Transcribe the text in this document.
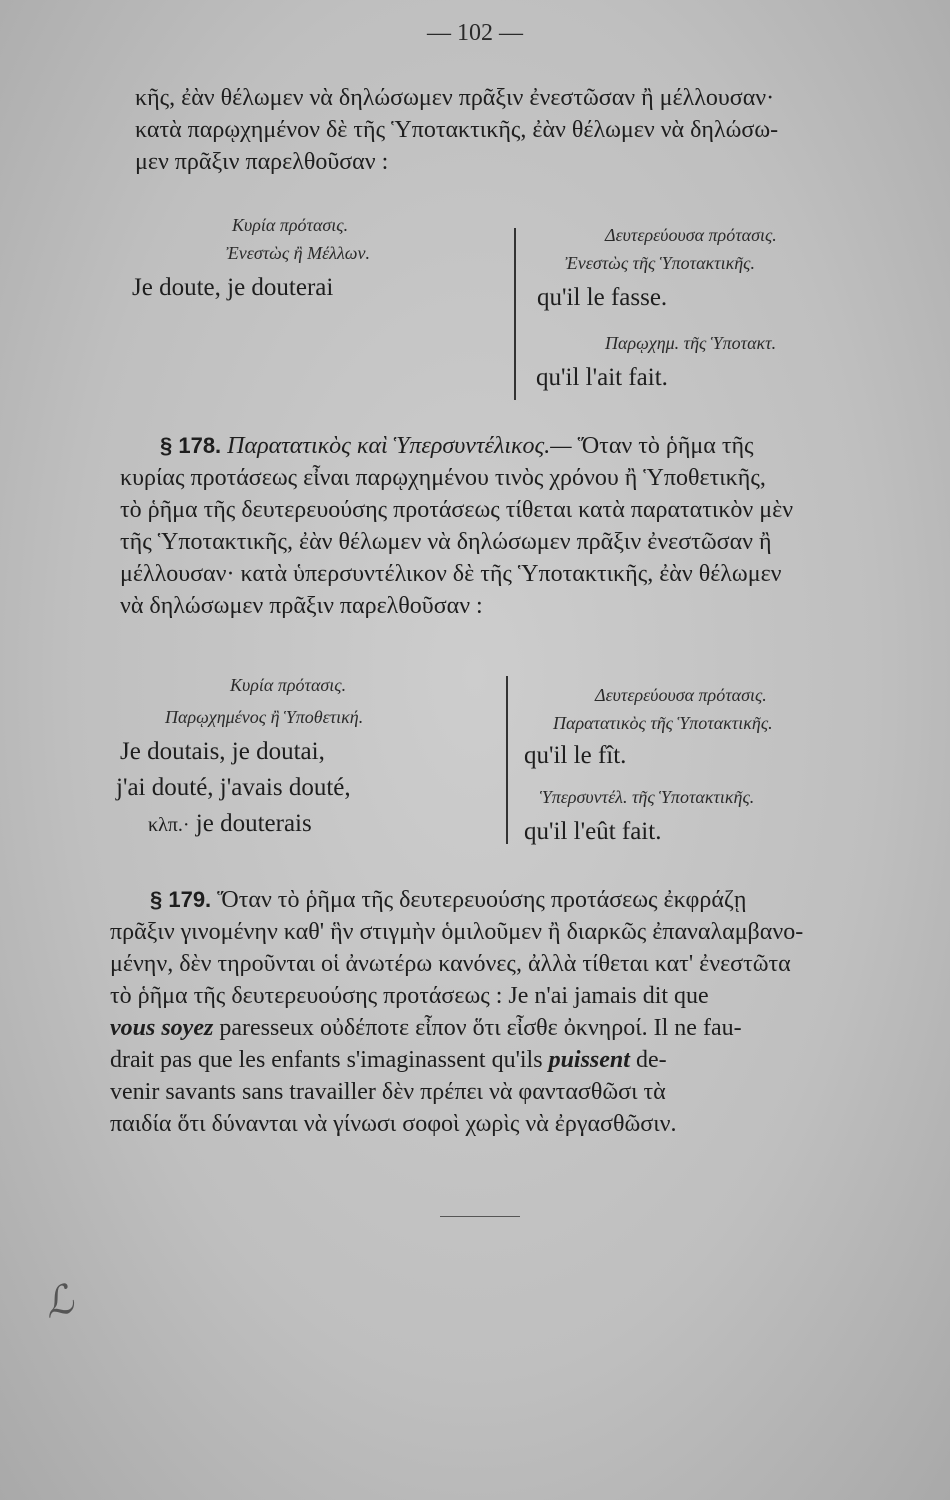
— 102 —
κῆς, ἐὰν θέλωμεν νὰ δηλώσωμεν πρᾶξιν ἐνεστῶσαν ἢ μέλλουσαν·
κατὰ παρῳχημένον δὲ τῆς Ὑποτακτικῆς, ἐὰν θέλωμεν νὰ δηλώσω-
μεν πρᾶξιν παρελθοῦσαν :
Κυρία πρότασις.
Ἐνεστὼς ἢ Μέλλων.
Je doute, je douterai
Δευτερεύουσα πρότασις.
Ἐνεστὼς τῆς Ὑποτακτικῆς.
qu'il le fasse.
Παρῳχημ. τῆς Ὑποτακτ.
qu'il l'ait fait.
§ 178. Παρατατικὸς καὶ Ὑπερσυντέλικος.— Ὅταν τὸ ῥῆμα τῆς
κυρίας προτάσεως εἶναι παρῳχημένου τινὸς χρόνου ἢ Ὑποθετικῆς,
τὸ ῥῆμα τῆς δευτερευούσης προτάσεως τίθεται κατὰ παρατατικὸν μὲν
τῆς Ὑποτακτικῆς, ἐὰν θέλωμεν νὰ δηλώσωμεν πρᾶξιν ἐνεστῶσαν ἢ
μέλλουσαν· κατὰ ὑπερσυντέλικον δὲ τῆς Ὑποτακτικῆς, ἐὰν θέλωμεν
νὰ δηλώσωμεν πρᾶξιν παρελθοῦσαν :
Κυρία πρότασις.
Παρῳχημένος ἢ Ὑποθετική.
Je doutais, je doutai,
j'ai douté, j'avais douté,
κλπ.· je douterais
Δευτερεύουσα πρότασις.
Παρατατικὸς τῆς Ὑποτακτικῆς.
qu'il le fît.
Ὑπερσυντέλ. τῆς Ὑποτακτικῆς.
qu'il l'eût fait.
§ 179. Ὅταν τὸ ῥῆμα τῆς δευτερευούσης προτάσεως ἐκφράζῃ
πρᾶξιν γινομένην καθ' ἣν στιγμὴν ὁμιλοῦμεν ἢ διαρκῶς ἐπαναλαμβανο-
μένην, δὲν τηροῦνται οἱ ἀνωτέρω κανόνες, ἀλλὰ τίθεται κατ' ἐνεστῶτα
τὸ ῥῆμα τῆς δευτερευούσης προτάσεως : Je n'ai jamais dit que
vous soyez paresseux οὐδέποτε εἶπον ὅτι εἶσθε ὀκνηροί. Il ne fau-
drait pas que les enfants s'imaginassent qu'ils puissent de-
venir savants sans travailler δὲν πρέπει νὰ φαντασθῶσι τὰ
παιδία ὅτι δύνανται νὰ γίνωσι σοφοὶ χωρὶς νὰ ἐργασθῶσιν.
ℒ
